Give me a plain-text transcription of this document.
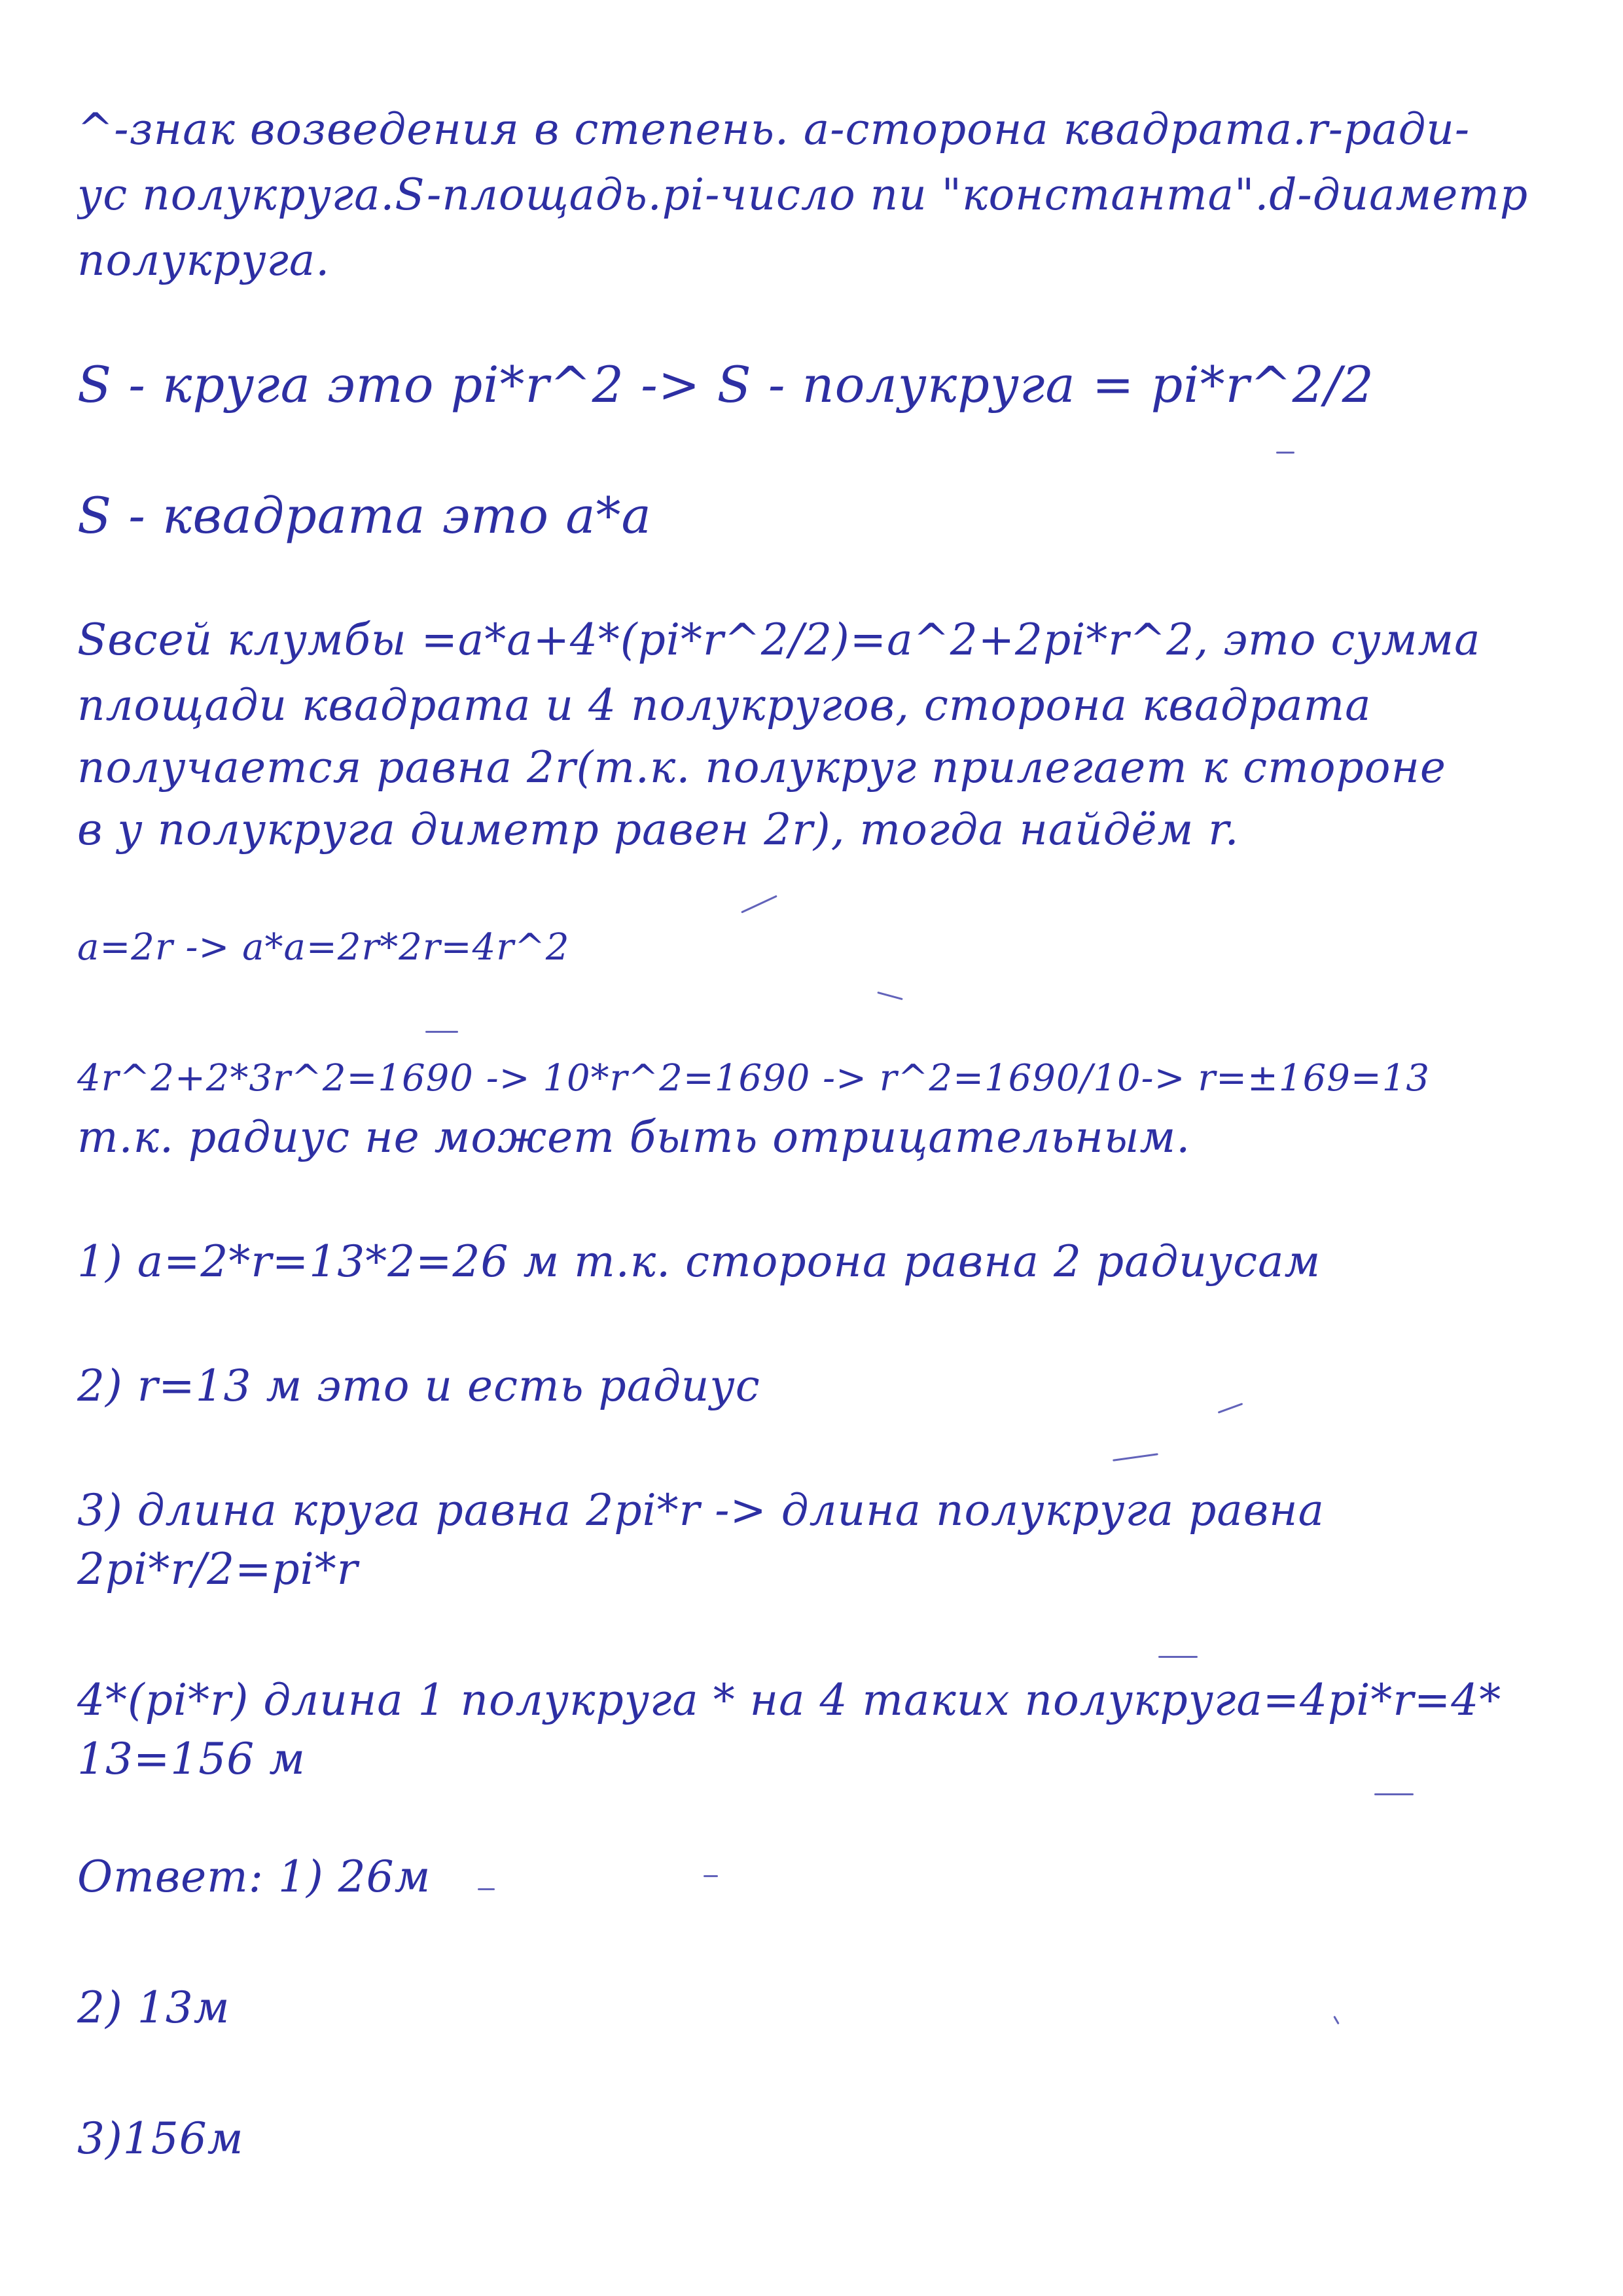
^-знак возведения в степень. a-сторона квадрата.r-ради-

ус полукруга.S-площадь.pi-число пи "константа".d-диаметр

полукруга.

S - круга это pi*r^2 -> S - полукруга = pi*r^2/2

S - квадрата это a*a

Sвсей клумбы =a*a+4*(pi*r^2/2)=a^2+2pi*r^2, это сумма

площади квадрата и 4 полукругов, сторона квадрата

получается равна 2r(т.к. полукруг прилегает к стороне

в у полукруга диметр равен 2r), тогда найдём r.

a=2r -> a*a=2r*2r=4r^2

4r^2+2*3r^2=1690 -> 10*r^2=1690 -> r^2=1690/10-> r=±169=13

т.к. радиус не может быть отрицательным.

1) a=2*r=13*2=26 м т.к. сторона равна 2 радиусам

2) r=13 м это и есть радиус

3) длина круга равна 2pi*r -> длина полукруга равна

2pi*r/2=pi*r

4*(pi*r) длина 1 полукруга * на 4 таких полукруга=4pi*r=4*

13=156 м

Ответ: 1) 26м

2) 13м

3)156м
